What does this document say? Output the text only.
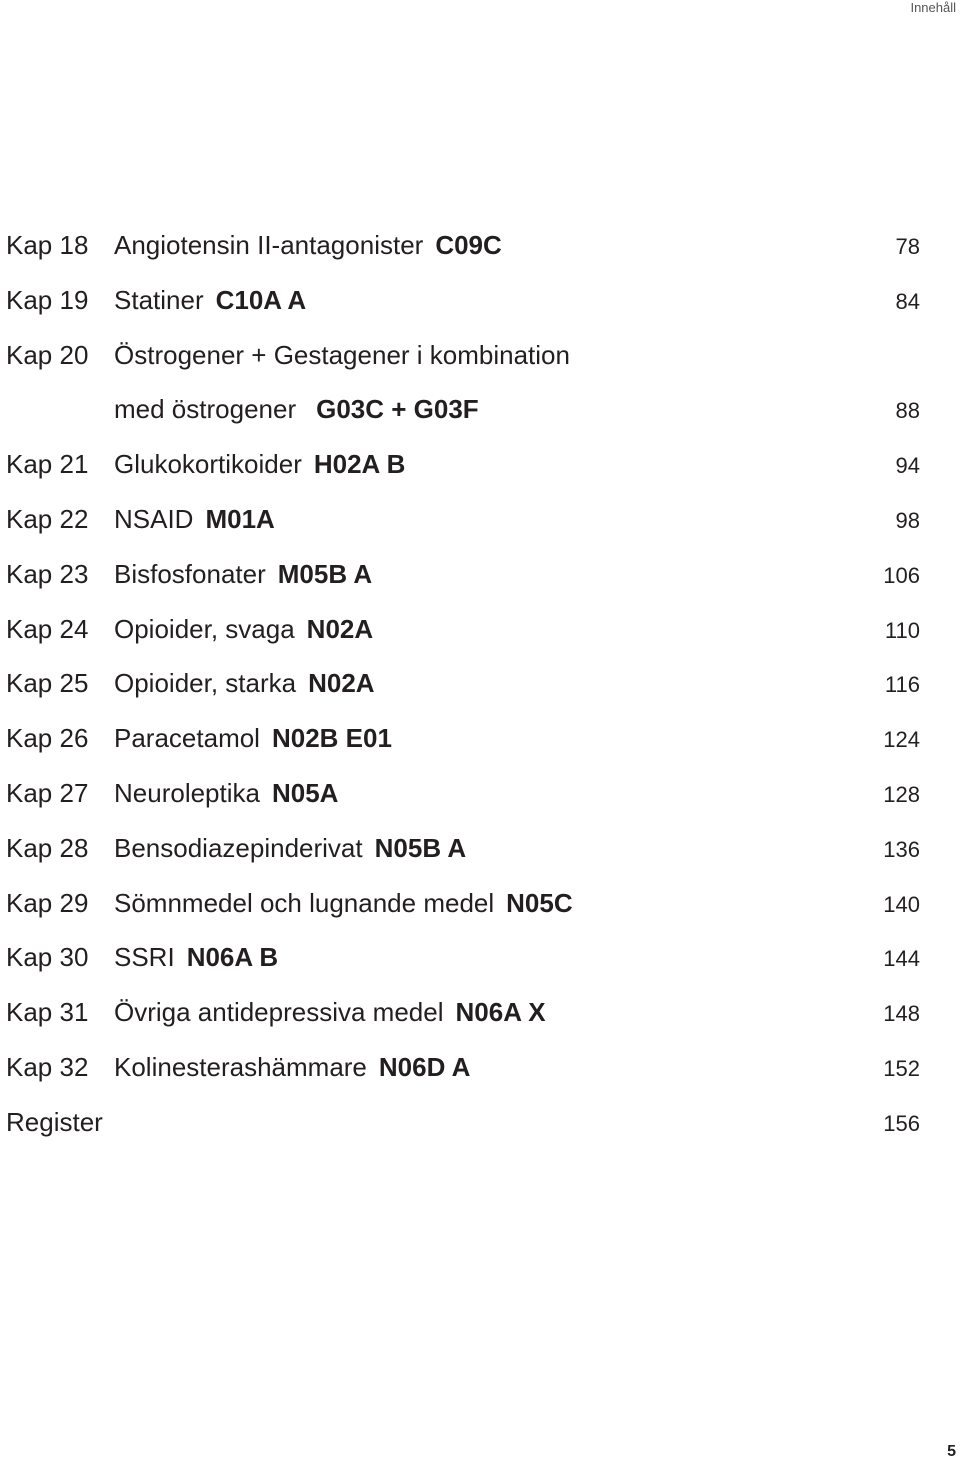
Innehåll
Kap 18 Angiotensin II-antagonister C09C	78
Kap 19 Statiner C10A A	84
Kap 20 Östrogener + Gestagener i kombination
med östrogener G03C + G03F	88
Kap 21 Glukokortikoider H02A B	94
Kap 22 NSAID M01A	98
Kap 23 Bisfosfonater M05B A	106
Kap 24 Opioider, svaga N02A	110
Kap 25 Opioider, starka N02A	116
Kap 26 Paracetamol N02B E01	124
Kap 27 Neuroleptika N05A	128
Kap 28 Bensodiazepinderivat N05B A	136
Kap 29 Sömnmedel och lugnande medel N05C	140
Kap 30 SSRI N06A B	144
Kap 31 Övriga antidepressiva medel N06A X	148
Kap 32 Kolinesterashämmare N06D A	152
Register	156
5
